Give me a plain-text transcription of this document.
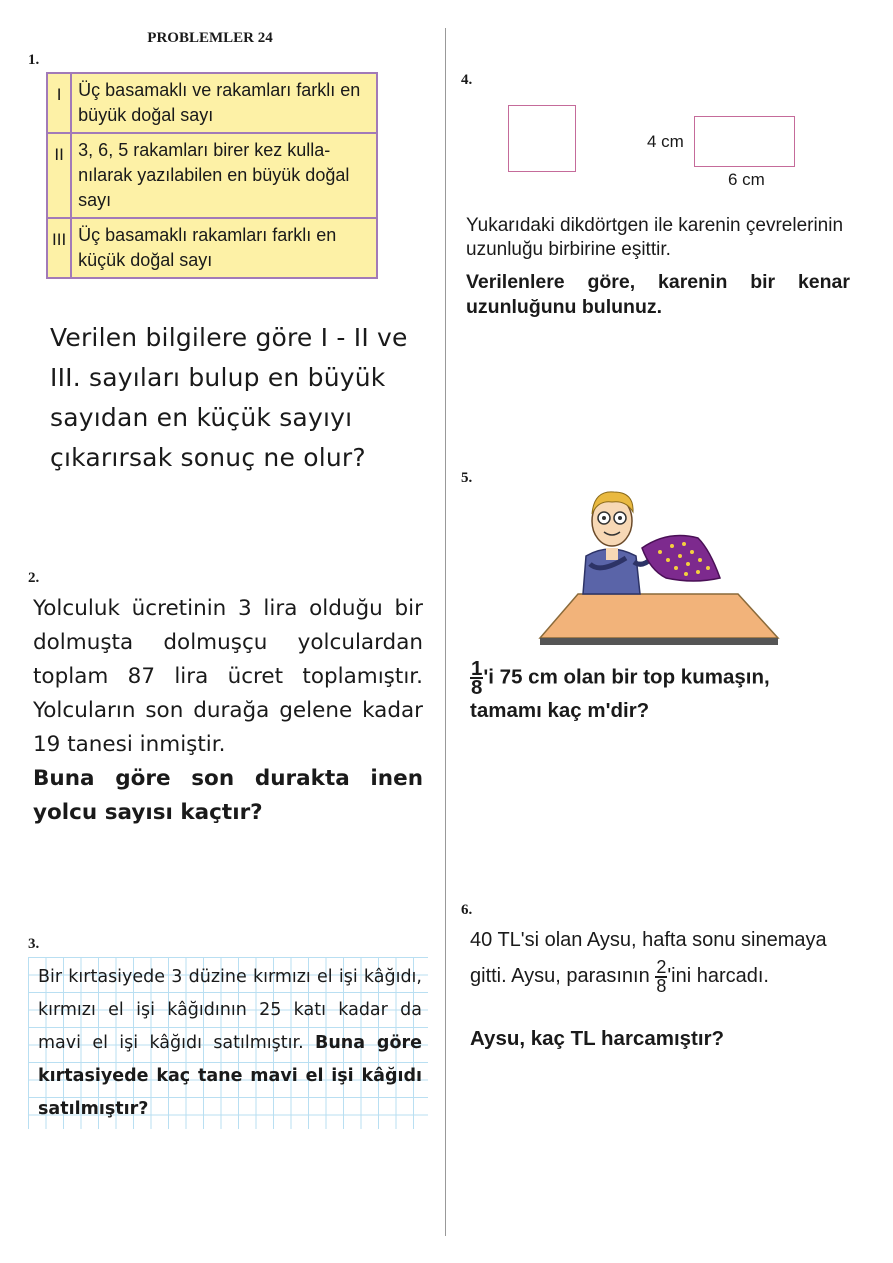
PROBLEMLER 24
1.
I	Üç basamaklı ve rakamları farklı en büyük doğal sayı
II	3, 6, 5 rakamları birer kez kulla-nılarak yazılabilen en büyük doğal sayı
III	Üç basamaklı rakamları farklı en küçük doğal sayı
Verilen bilgilere göre I - II ve III. sayıları bulup en büyük sayıdan en küçük sayıyı çıkarırsak sonuç ne olur?
2.
Yolculuk ücretinin 3 lira olduğu bir dolmuşta dolmuşçu yolculardan toplam 87 lira ücret toplamıştır. Yolcuların son durağa gelene kadar 19 tanesi inmiştir.
Buna göre son durakta inen yolcu sayısı kaçtır?
3.
Bir kırtasiyede 3 düzine kırmızı el işi kâğıdı, kırmızı el işi kâğıdının 25 katı kadar da mavi el işi kâğıdı satılmıştır. Buna göre kırtasiyede kaç tane mavi el işi kâğıdı satılmıştır?
4.
4 cm
6 cm
Yukarıdaki dikdörtgen ile karenin çevrelerinin uzunluğu birbirine eşittir.
Verilenlere göre, karenin bir kenar uzunluğunu bulunuz.
5.
$\frac{1}{8}$ 'i 75 cm olan bir top kumaşın,
tamamı kaç m'dir?
6.
40 TL'si olan Aysu, hafta sonu sinemaya gitti. Aysu, parasının $\frac{2}{8}$ 'ini harcadı.
Aysu, kaç TL harcamıştır?
